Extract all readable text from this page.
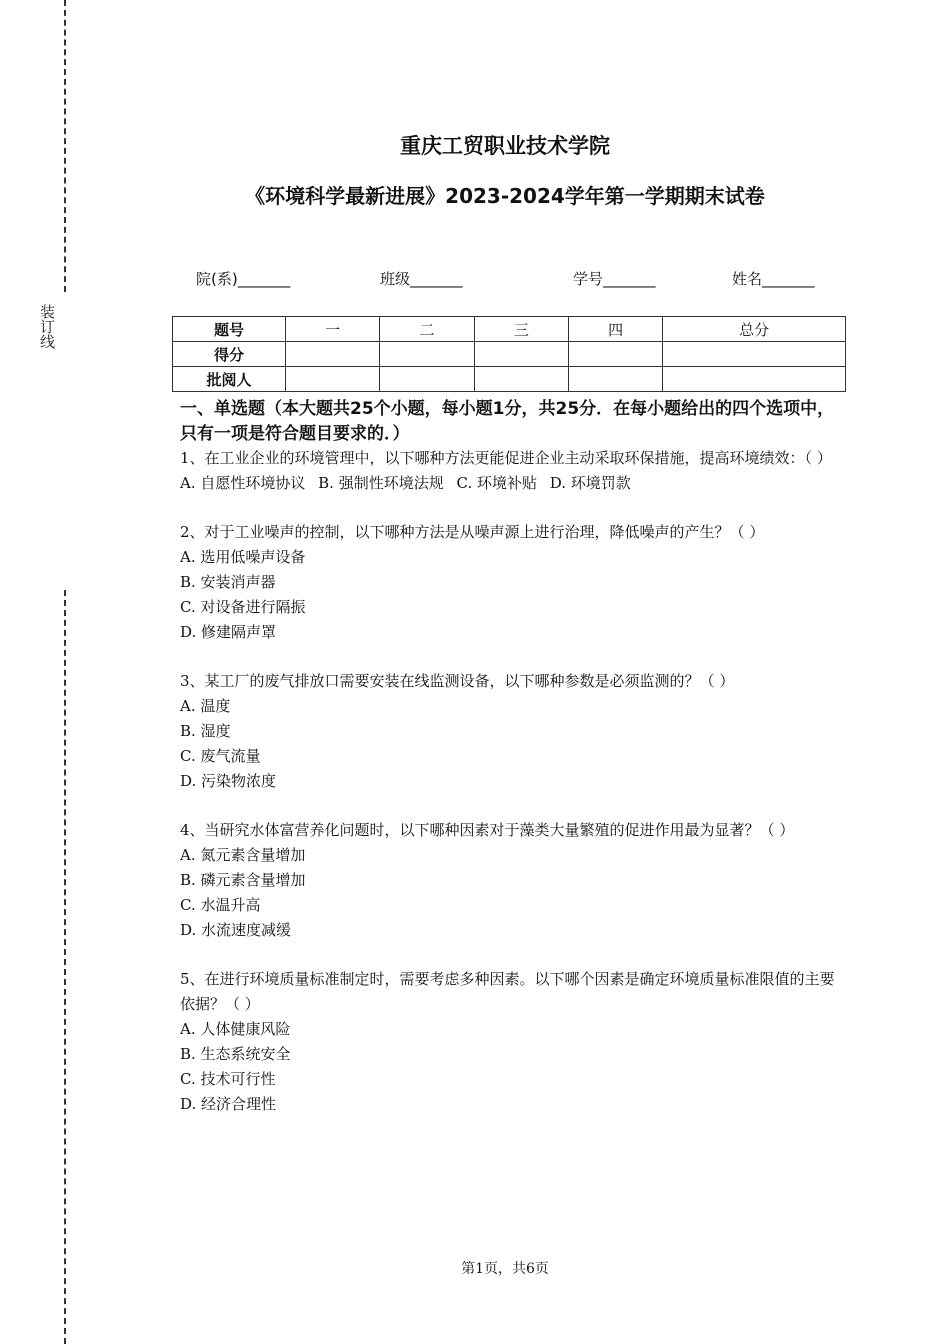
装订线
重庆工贸职业技术学院
《环境科学最新进展》2023-2024学年第一学期期末试卷
院(系)_______	班级_______	学号_______	姓名_______
题号	一	二	三	四	总分
得分					
批阅人					
一、单选题（本大题共25个小题，每小题1分，共25分．在每小题给出的四个选项中，只有一项是符合题目要求的．）

1、在工业企业的环境管理中，以下哪种方法更能促进企业主动采取环保措施，提高环境绩效：（ ）

A. 自愿性环境协议 B. 强制性环境法规 C. 环境补贴 D. 环境罚款

2、对于工业噪声的控制，以下哪种方法是从噪声源上进行治理，降低噪声的产生？（ ）

A. 选用低噪声设备

B. 安装消声器

C. 对设备进行隔振

D. 修建隔声罩

3、某工厂的废气排放口需要安装在线监测设备，以下哪种参数是必须监测的？（ ）

A. 温度

B. 湿度

C. 废气流量

D. 污染物浓度

4、当研究水体富营养化问题时，以下哪种因素对于藻类大量繁殖的促进作用最为显著？（ ）

A. 氮元素含量增加

B. 磷元素含量增加

C. 水温升高

D. 水流速度减缓

5、在进行环境质量标准制定时，需要考虑多种因素。以下哪个因素是确定环境质量标准限值的主要依据？（ ）

A. 人体健康风险

B. 生态系统安全

C. 技术可行性

D. 经济合理性

第1页，共6页
